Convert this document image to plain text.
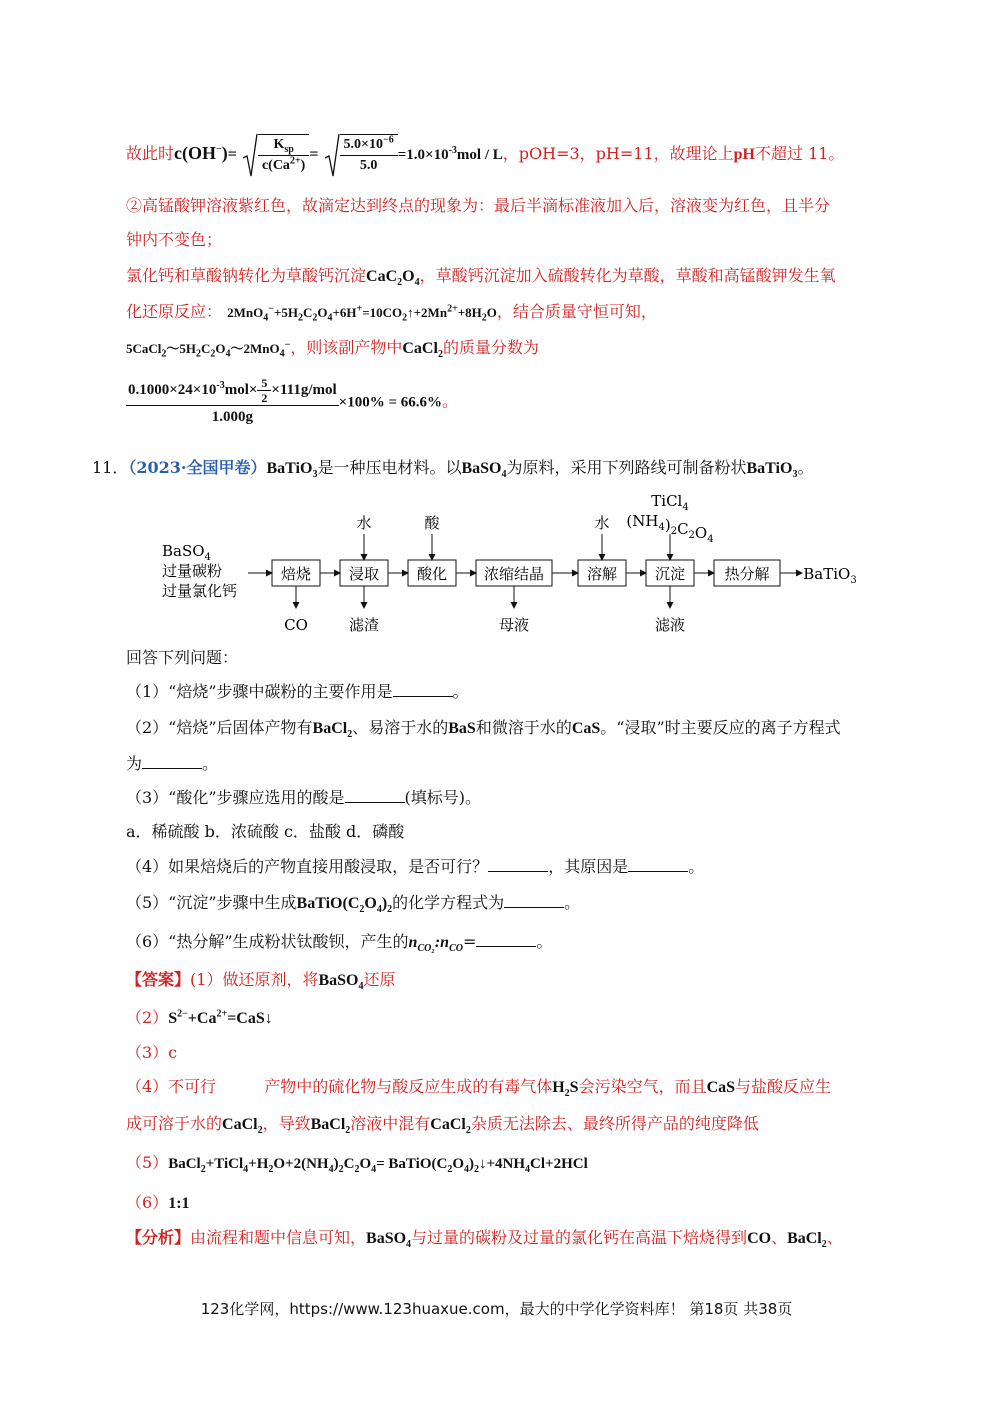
故此时$c(OH^-)= \frac{K_{sp}}{c(Ca^{2+})} = \frac{5.0\times 10^{-6}}{5.0} =1.0\times 10^{-3}mol / L$，pOH=3，pH=11，故理论上pH不超过 11。
②高锰酸钾溶液紫红色，故滴定达到终点的现象为：最后半滴标准液加入后，溶液变为红色，且半分
钟内不变色；
氯化钙和草酸钠转化为草酸钙沉淀$CaC_2O_4$，草酸钙沉淀加入硫酸转化为草酸，草酸和高锰酸钾发生氧
化还原反应： $2MnO_4^-+5H_2C_2O_4+6H^+=10CO_2↑+2Mn^{2+}+8H_2O$，结合质量守恒可知，
$5CaCl_2\sim 5H_2C_2O_4\sim 2MnO_4^-$，则该副产物中CaCl$_2$的质量分数为
$\frac{0.1000\times 24\times 10^{-3}mol\times \frac{5}{2} \times 111g/mol}{1.000g} \times 100\% = 66.6\%$。
11．（2023·全国甲卷）BaTiO$_3$是一种压电材料。以BaSO$_4$为原料，采用下列路线可制备粉状BaTiO$_3$。
BaSO$_4$
过量碳粉
过量氯化钙
焙烧	浸取	酸化 浓缩结晶	溶解	沉淀	热分解 BaTiO$_3$
水	酸	水
TiCl$_4$
$(NH_4)_2C_2O_4$
CO	滤渣	母液	滤液
回答下列问题：
（1）“焙烧”步骤中碳粉的主要作用是	。
（2）“焙烧”后固体产物有BaCl$_2$、易溶于水的BaS和微溶于水的CaS。“浸取”时主要反应的离子方程式
为	。
（3）“酸化”步骤应选用的酸是	(填标号)。
a．稀硫酸 b．浓硫酸 c．盐酸 d．磷酸
（4）如果焙烧后的产物直接用酸浸取，是否可行？	，其原因是	。
（5）“沉淀”步骤中生成$BaTiO(C_2O_4)_2$的化学方程式为	。
（6）“热分解”生成粉状钛酸钡，产生的$n_{CO_2}:n_{CO}=$	。
【答案】(1）做还原剂，将BaSO$_4$还原
$(2)S^{2-}+Ca^{2+}=CaS↓$
（3）c
（4）不可行	产物中的硫化物与酸反应生成的有毒气体$H_2S$会污染空气，而且CaS与盐酸反应生
成可溶于水的CaCl$_2$，导致BaCl$_2$溶液中混有CaCl$_2$杂质无法除去、最终所得产品的纯度降低
$(5)BaCl_2+TiCl_4+H_2O+2(NH_4)_2C_2O_4=$ $BaTiO(C_2O_4)_2↓+4NH_4Cl+2HCl$
（6）1:1
【分析】由流程和题中信息可知，BaSO$_4$与过量的碳粉及过量的氯化钙在高温下焙烧得到CO、BaCl$_2$、
123化学网，https://www.123huaxue.com，最大的中学化学资料库！ 第18页 共38页
